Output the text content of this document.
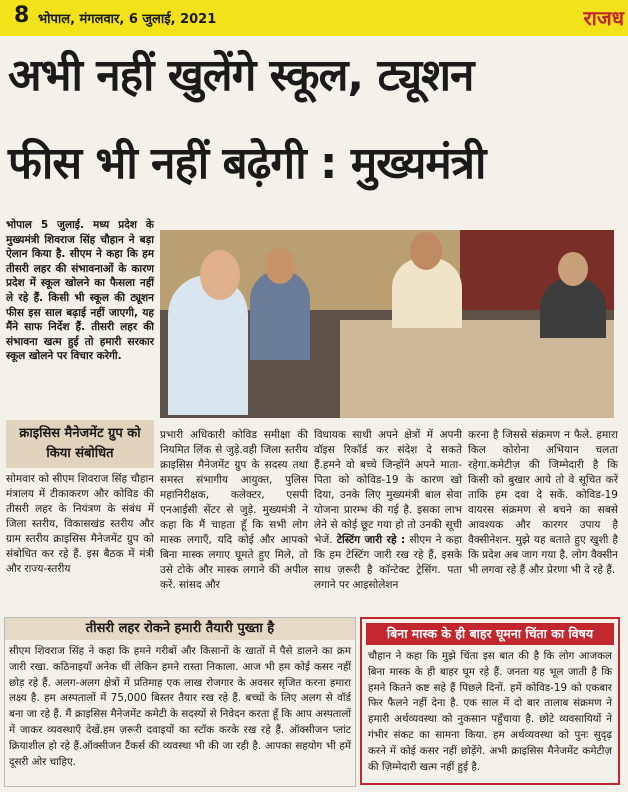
8 भोपाल, मंगलवार, 6 जुलाई, 2021	राजध
अभी नहीं खुलेंगे स्कूल, ट्यूशन
फीस भी नहीं बढ़ेगी : मुख्यमंत्री
भोपाल 5 जुलाई. मध्य प्रदेश के मुख्यमंत्री शिवराज सिंह चौहान ने बड़ा ऐलान किया है. सीएम ने कहा कि हम तीसरी लहर की संभावनाओं के कारण प्रदेश में स्कूल खोलने का फैसला नहीं ले रहे हैं. किसी भी स्कूल की ट्यूशन फीस इस साल बढ़ाई नहीं जाएगी, यह मैंने साफ निर्देश हैं. तीसरी लहर की संभावना खत्म हुई तो हमारी सरकार स्कूल खोलने पर विचार करेगी.
क्राइसिस मैनेजमेंट ग्रुप को किया संबोधित
सोमवार को सीएम शिवराज सिंह चौहान मंत्रालय में टीकाकरण और कोविड की तीसरी लहर के नियंत्रण के संबंध में जिला स्तरीय, विकासखंड स्तरीय और ग्राम स्तरीय क्राइसिस मैनेजमेंट ग्रुप को संबोधित कर रहे हैं. इस बैठक में मंत्री और राज्य-स्तरीय
प्रभारी अधिकारी कोविड समीक्षा की नियमित लिंक से जुड़े.वही जिला स्तरीय क्राइसिस मैनेजमेंट ग्रुप के सदस्य तथा समस्त संभागीय आयुक्त, पुलिस महानिरीक्षक, कलेक्टर, एसपी एनआईसी सेंटर से जुड़े. मुख्यमंत्री ने कहा कि मैं चाहता हूँ कि सभी लोग मास्क लगाएँ, यदि कोई और आपको बिना मास्क लगाए घूमते हुए मिले, तो उसे टोके और मास्क लगाने की अपील करें. सांसद और
विधायक साथी अपने क्षेत्रों में अपनी वॉइस रिकॉर्ड कर संदेश दे सकते हैं.हमने वो बच्चे जिन्होंने अपने माता-पिता को कोविड-19 के कारण खो दिया, उनके लिए मुख्यमंत्री बाल सेवा योजना प्रारम्भ की गई है. इसका लाभ लेने से कोई छूट गया हो तो उनकी सूची भेजें. टेस्टिंग जारी रहे : सीएम ने कहा कि हम टेस्टिंग जारी रख रहे हैं, इसके साथ ज़रूरी है कॉन्टेक्ट ट्रेसिंग. पता लगाने पर आइसोलेशन
करना है जिससे संक्रमण न फैले. हमारा किल कोरोना अभियान चलता रहेगा.कमेटीज़ की जिम्मेदारी है कि किसी को बुखार आये तो वे सूचित करें ताकि हम दवा दे सकें. कोविड-19 वायरस संक्रमण से बचने का सबसे आवश्यक और कारगर उपाय है वैक्सीनेशन. मुझे यह बताते हुए खुशी है कि प्रदेश अब जाग गया है. लोग वैक्सीन भी लगवा रहे हैं और प्रेरणा भी दे रहे हैं.
तीसरी लहर रोकने हमारी तैयारी पुख्ता है
सीएम शिवराज सिंह ने कहा कि हमने गरीबों और किसानों के खातों में पैसे डालने का क्रम जारी रखा. कठिनाइयाँ अनेक थीं लेकिन हमने रास्ता निकाला. आज भी हम कोई कसर नहीं छोड़ रहे हैं. अलग-अलग क्षेत्रों में प्रतिमाह एक लाख रोजगार के अवसर सृजित करना हमारा लक्ष्य है. हम अस्पतालों में 75,000 बिस्तर तैयार रख रहे हैं. बच्चों के लिए अलग से वॉर्ड बना जा रहे हैं. मैं क्राइसिस मैनेजमेंट कमेटी के सदस्यों से निवेदन करता हूँ कि आप अस्पतालों में जाकर व्यवस्थाएँ देखें.हम ज़रूरी दवाइयों का स्टॉक करके रख रहे हैं. ऑक्सीजन प्लांट क्रियाशील हो रहे हैं.ऑक्सीजन टैंकर्स की व्यवस्था भी की जा रही है. आपका सहयोग भी हमें दूसरी ओर चाहिए.
बिना मास्क के ही बाहर घूमना चिंता का विषय
चौहान ने कहा कि मुझे चिंता इस बात की है कि लोग आजकल बिना मास्क के ही बाहर घूम रहे हैं. जनता यह भूल जाती है कि हमने कितने कष्ट सहे हैं पिछले दिनों. हमें कोविड-19 को एकबार फिर फैलने नहीं देना है. एक साल में दो बार तालाब संक्रमण ने हमारी अर्थव्यवस्था को नुकसान पहुँचाया है. छोटे व्यवसायियों ने गंभीर संकट का सामना किया. हम अर्थव्यवस्था को पुनः सुदृढ़ करने में कोई कसर नहीं छोड़ेंगे. अभी क्राइसिस मैनेजमेंट कमेटीज़ की ज़िम्मेदारी खत्म नहीं हुई है.
